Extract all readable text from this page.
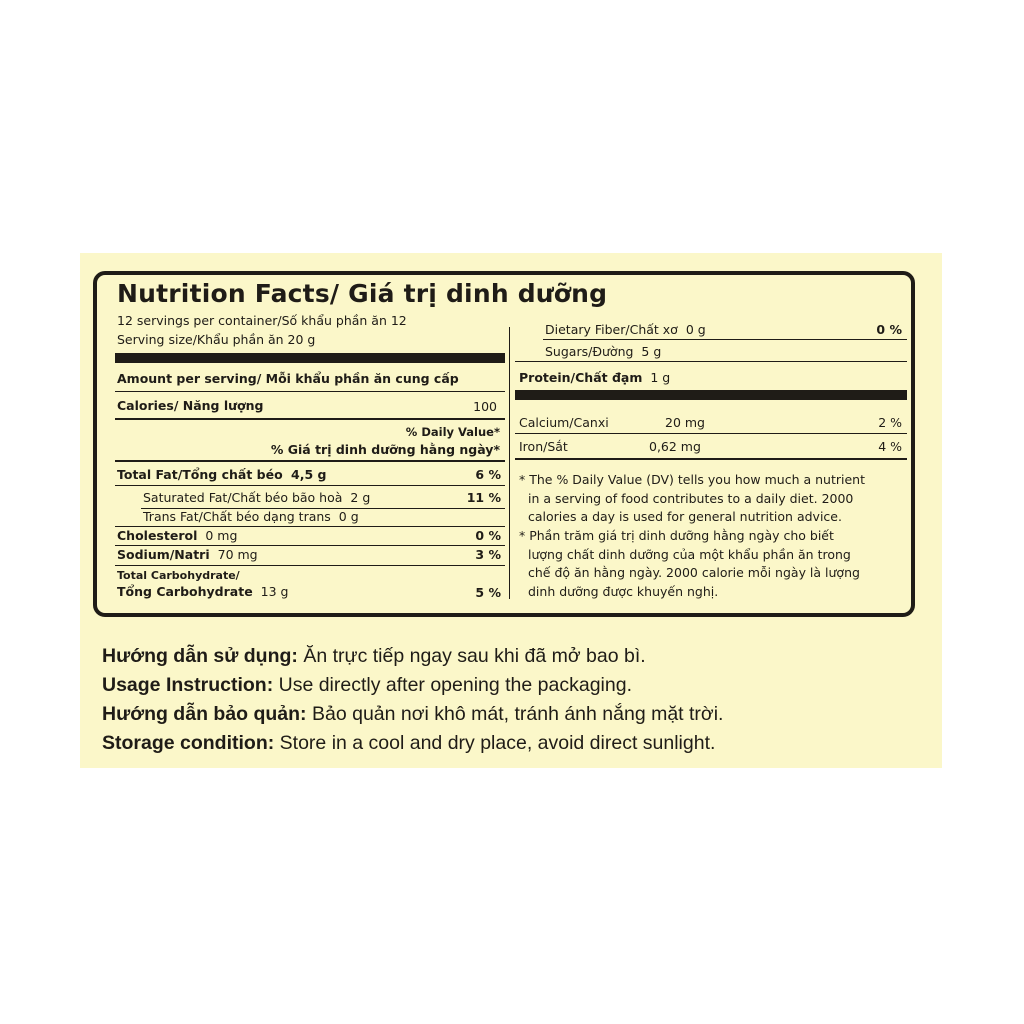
Nutrition Facts/ Giá trị dinh dưỡng
12 servings per container/Số khẩu phần ăn 12
Serving size/Khẩu phần ăn 20 g
Amount per serving/ Mỗi khẩu phần ăn cung cấp
Calories/ Năng lượng	100
% Daily Value*
% Giá trị dinh dưỡng hằng ngày*
Total Fat/Tổng chất béo 4,5 g	6 %
Saturated Fat/Chất béo bão hoà 2 g	11 %
Trans Fat/Chất béo dạng trans 0 g
Cholesterol 0 mg	0 %
Sodium/Natri 70 mg	3 %
Total Carbohydrate/
Tổng Carbohydrate 13 g	5 %
Dietary Fiber/Chất xơ 0 g	0 %
Sugars/Đường 5 g
Protein/Chất đạm 1 g
Calcium/Canxi	20 mg	2 %
Iron/Sắt	0,62 mg	4 %
* The % Daily Value (DV) tells you how much a nutrient
in a serving of food contributes to a daily diet. 2000
calories a day is used for general nutrition advice.
* Phần trăm giá trị dinh dưỡng hằng ngày cho biết
lượng chất dinh dưỡng của một khẩu phần ăn trong
chế độ ăn hằng ngày. 2000 calorie mỗi ngày là lượng
dinh dưỡng được khuyến nghị.
Hướng dẫn sử dụng: Ăn trực tiếp ngay sau khi đã mở bao bì.
Usage Instruction: Use directly after opening the packaging.
Hướng dẫn bảo quản: Bảo quản nơi khô mát, tránh ánh nắng mặt trời.
Storage condition: Store in a cool and dry place, avoid direct sunlight.
